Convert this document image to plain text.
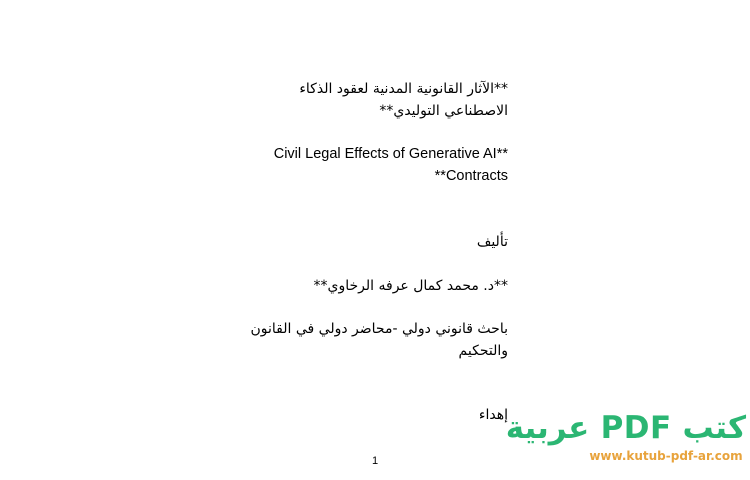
**الآثار القانونية المدنية لعقود الذكاء
الاصطناعي التوليدي**
Civil Legal Effects of Generative AI**
**Contracts
تأليف
**د. محمد كمال عرفه الرخاوي**
باحث قانوني دولي -محاضر دولي في القانون
والتحكيم
إهداء
1
كتب PDF عربية
www.kutub-pdf-ar.com
